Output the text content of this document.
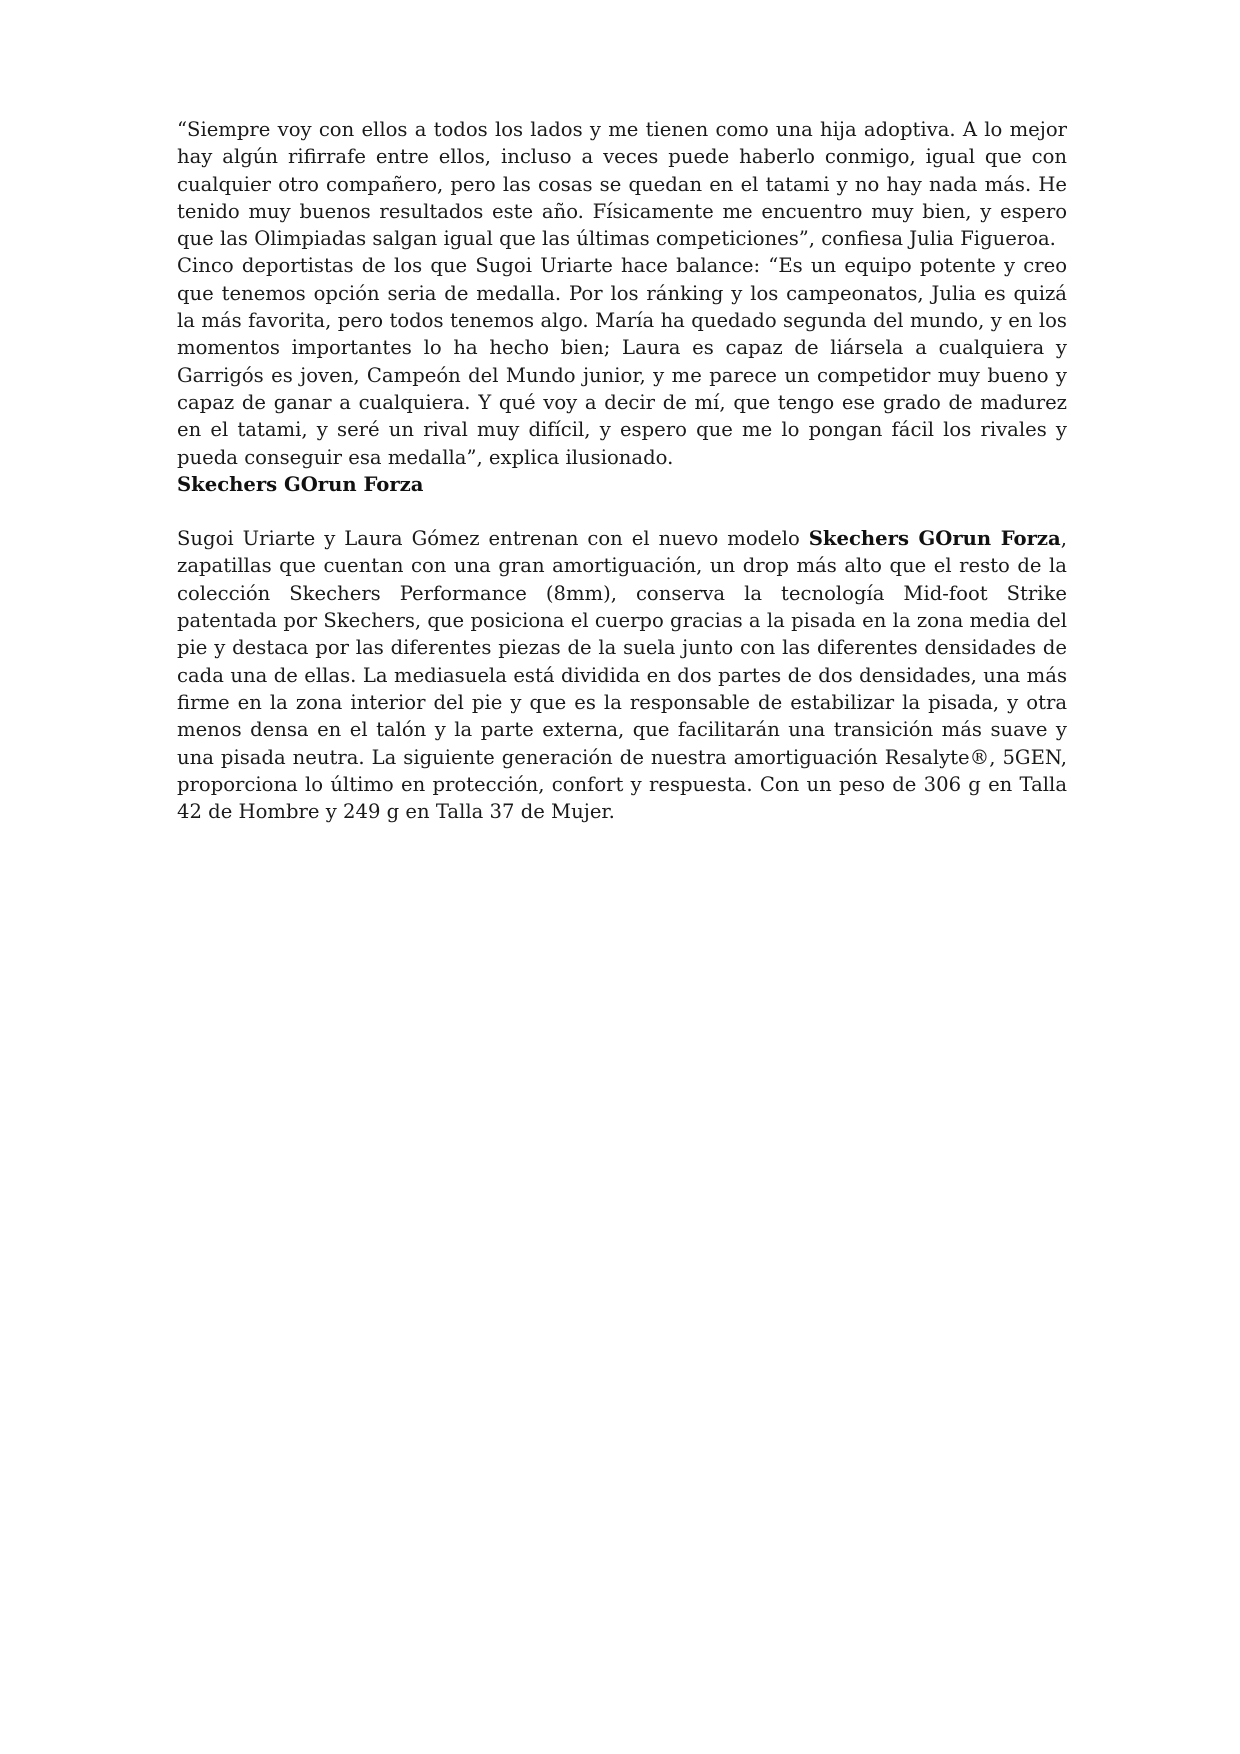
“Siempre voy con ellos a todos los lados y me tienen como una hija adoptiva. A lo mejor hay algún rifirrafe entre ellos, incluso a veces puede haberlo conmigo, igual que con cualquier otro compañero, pero las cosas se quedan en el tatami y no hay nada más. He tenido muy buenos resultados este año. Físicamente me encuentro muy bien, y espero que las Olimpiadas salgan igual que las últimas competiciones”, confiesa Julia Figueroa.

Cinco deportistas de los que Sugoi Uriarte hace balance: “Es un equipo potente y creo que tenemos opción seria de medalla. Por los ránking y los campeonatos, Julia es quizá la más favorita, pero todos tenemos algo. María ha quedado segunda del mundo, y en los momentos importantes lo ha hecho bien; Laura es capaz de liársela a cualquiera y Garrigós es joven, Campeón del Mundo junior, y me parece un competidor muy bueno y capaz de ganar a cualquiera. Y qué voy a decir de mí, que tengo ese grado de madurez en el tatami, y seré un rival muy difícil, y espero que me lo pongan fácil los rivales y pueda conseguir esa medalla”, explica ilusionado.

Skechers GOrun Forza

Sugoi Uriarte y Laura Gómez entrenan con el nuevo modelo Skechers GOrun Forza, zapatillas que cuentan con una gran amortiguación, un drop más alto que el resto de la colección Skechers Performance (8mm), conserva la tecnología Mid-foot Strike patentada por Skechers, que posiciona el cuerpo gracias a la pisada en la zona media del pie y destaca por las diferentes piezas de la suela junto con las diferentes densidades de cada una de ellas. La mediasuela está dividida en dos partes de dos densidades, una más firme en la zona interior del pie y que es la responsable de estabilizar la pisada, y otra menos densa en el talón y la parte externa, que facilitarán una transición más suave y una pisada neutra. La siguiente generación de nuestra amortiguación Resalyte®, 5GEN, proporciona lo último en protección, confort y respuesta. Con un peso de 306 g en Talla 42 de Hombre y 249 g en Talla 37 de Mujer.
